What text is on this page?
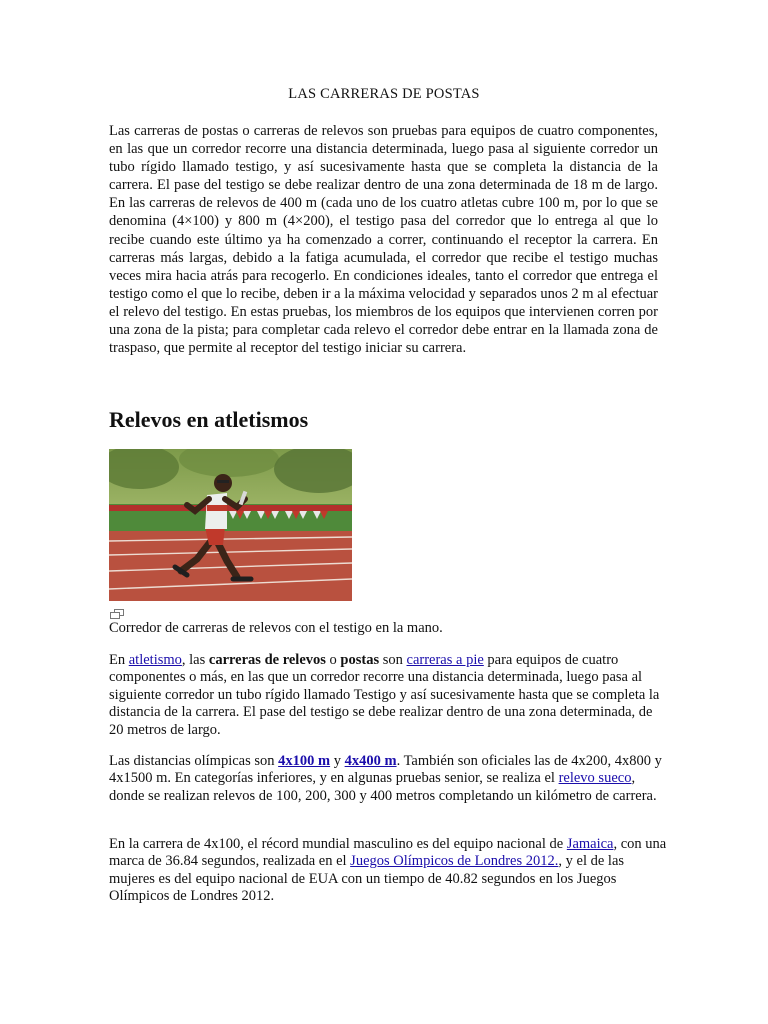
LAS CARRERAS DE POSTAS

Las carreras de postas o carreras de relevos son pruebas para equipos de cuatro componentes, en las que un corredor recorre una distancia determinada, luego pasa al siguiente corredor un tubo rígido llamado testigo, y así sucesivamente hasta que se completa la distancia de la carrera. El pase del testigo se debe realizar dentro de una zona determinada de 18 m de largo. En las carreras de relevos de 400 m (cada uno de los cuatro atletas cubre 100 m, por lo que se denomina (4×100) y 800 m (4×200), el testigo pasa del corredor que lo entrega al que lo recibe cuando este último ya ha comenzado a correr, continuando el receptor la carrera. En carreras más largas, debido a la fatiga acumulada, el corredor que recibe el testigo muchas veces mira hacia atrás para recogerlo. En condiciones ideales, tanto el corredor que entrega el testigo como el que lo recibe, deben ir a la máxima velocidad y separados unos 2 m al efectuar el relevo del testigo. En estas pruebas, los miembros de los equipos que intervienen corren por una zona de la pista; para completar cada relevo el corredor debe entrar en la llamada zona de traspaso, que permite al receptor del testigo iniciar su carrera.

Relevos en atletismos

Corredor de carreras de relevos con el testigo en la mano.

En atletismo, las carreras de relevos o postas son carreras a pie para equipos de cuatro componentes o más, en las que un corredor recorre una distancia determinada, luego pasa al siguiente corredor un tubo rígido llamado Testigo y así sucesivamente hasta que se completa la distancia de la carrera. El pase del testigo se debe realizar dentro de una zona determinada, de 20 metros de largo.

Las distancias olímpicas son 4x100 m y 4x400 m. También son oficiales las de 4x200, 4x800 y 4x1500 m. En categorías inferiores, y en algunas pruebas senior, se realiza el relevo sueco, donde se realizan relevos de 100, 200, 300 y 400 metros completando un kilómetro de carrera.

En la carrera de 4x100, el récord mundial masculino es del equipo nacional de Jamaica, con una marca de 36.84 segundos, realizada en el Juegos Olímpicos de Londres 2012., y el de las mujeres es del equipo nacional de EUA con un tiempo de 40.82 segundos en los Juegos Olímpicos de Londres 2012.
